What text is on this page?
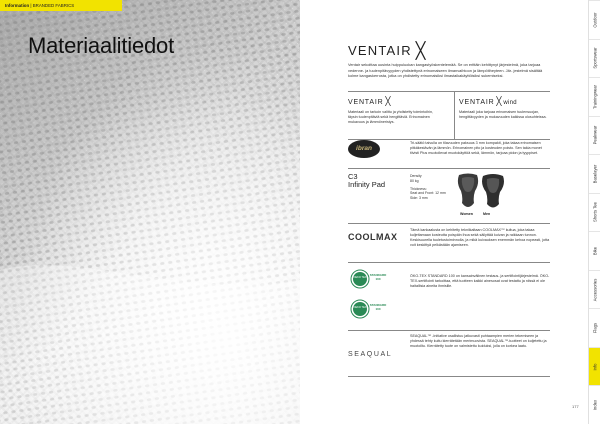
Information | BRANDED FABRICS
Materiaalitiedot	VENTAIR ╳
Ventair sekoittaa uusinta huippuluokan kangastyöskentelemää. Se on erittäin kehittynyt järjestelmä, joka tarjoaa vedenne- ja tuulenpitävyyyden yhdistettynä erinomaiseen ilmanvaihtoon ja lämpötiheyteen. Jär- jestelmä sisältää kolme kangaskerrosta, jotka on yhdistetty erinomaisiksi ilmastaikakäyttöisiksi sukemiseksi.
VENTAIR ╳
Materiaali on tarkoin valittu ja yhdistetty toimintoihin, täysin tuulenpitäviä sekä hengittäviä. Erinomainen mukavuus ja lämmöneristys.
VENTAIR ╳wind
Materiaali joka tarjoaa erinomaisen tuulensuojan, hengittävyyden ja mukavuuden kaikissa olosuhteissa.
ibran
Tri-säätö taivulla on tilavuuden paksuus 3 mm kompakti, joka takaa erinomaisen pitkäkestävän ja lämmön. Erinomainen pito ja kosteuden poisto. Sen takia monet tiivisti Plus muotoilevat muotokäyttöä sekä, lämmön, tarjoaa pidon ja tyyppiset.
C3
Infinity Pad
Density
80 kg
Thickness:
Seat and Front: 12 mm
Side: 3 mm
Women	Men
COOLMAX
Tämä kankaalusta on kehitetty tekniikaltaan COOLMAX™ kuitua, joka takaa kuljettamaan kosteutta poispäin ihoa sekä säilyttää kuivan ja raikkaan tunnon. Keskisuurella tuuletustoiminnolla, ja mikä kuivauksen enemmän kehoa nopeasti, jotta voit keskittyä pelkästään ajamiseen.
OEKO TEX
STANDARD
100
OEKO TEX
STANDARD
100
ÖKO-TEX STANDARD 100 on kansainvälinen testaus- ja sertifiointijärjestelmä. ÖKO-TEX-sertifiointi tarkoittaa, että tuotteen kaikki ainesosat ovat testattu ja niissä ei ole haitallisia aineita ihmisille.
SEAQUAL
SEAQUAL™ -Initiative osallistuu jatkuvasti puhtaampien merien tekemiseen ja yhdessä tehty kuitu kierrätetään merimuovista. SEAQUAL™-tuotteet on kuljetettu ja muotoiltu. Kierrätetty tuote on valmistettu kuiduksi, jolla on korkea laatu.
177
Outdoor
Sportswear
Trainingwear
Peakwear
Baselayer
Shorts Tee
Bike
Accessories
Flags
Info
Index
